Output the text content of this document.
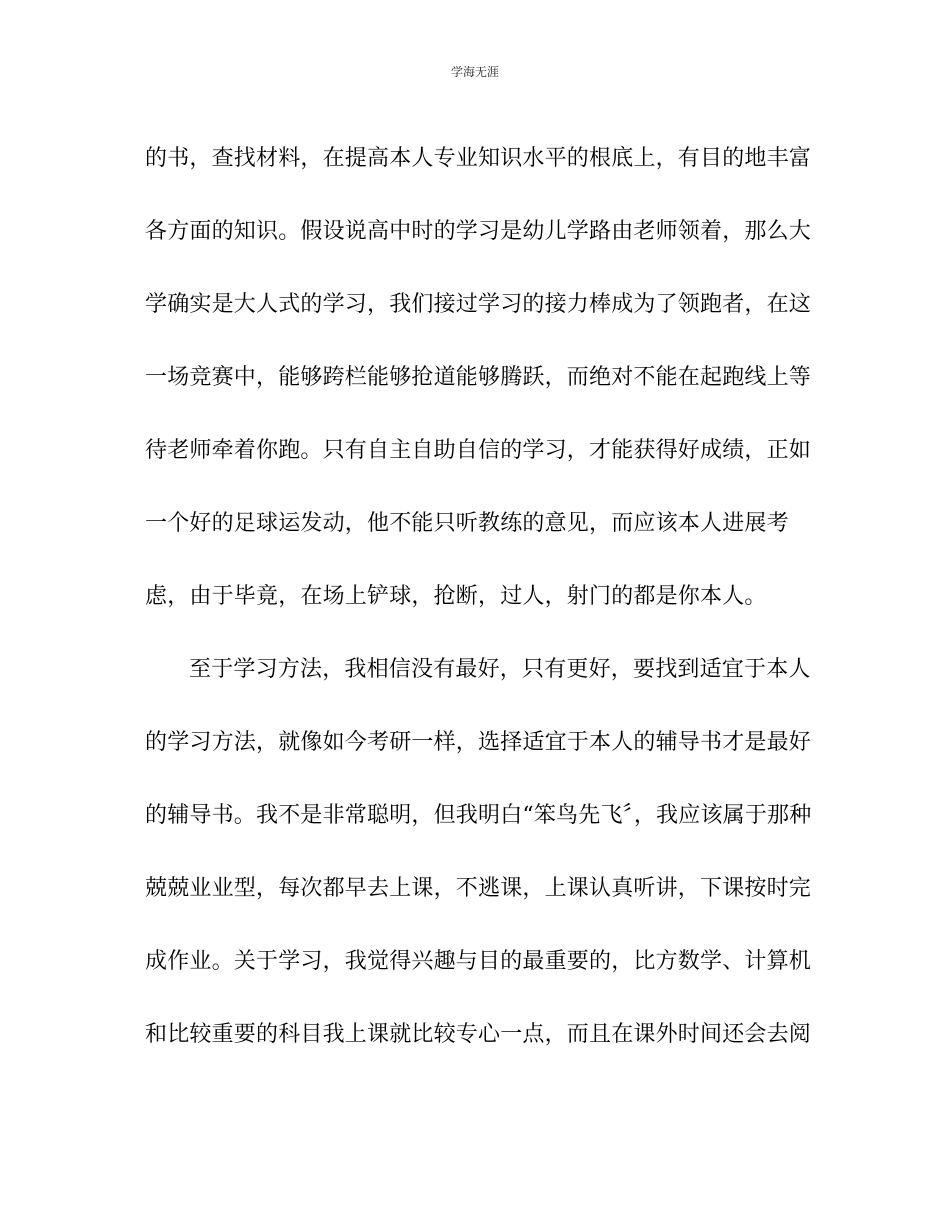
学海无涯
的书，查找材料，在提高本人专业知识水平的根底上，有目的地丰富
各方面的知识。假设说高中时的学习是幼儿学路由老师领着，那么大
学确实是大人式的学习，我们接过学习的接力棒成为了领跑者，在这
一场竞赛中，能够跨栏能够抢道能够腾跃，而绝对不能在起跑线上等
待老师牵着你跑。只有自主自助自信的学习，才能获得好成绩，正如
一个好的足球运发动，他不能只听教练的意见，而应该本人进展考
虑，由于毕竟，在场上铲球，抢断，过人，射门的都是你本人。
至于学习方法，我相信没有最好，只有更好，要找到适宜于本人
的学习方法，就像如今考研一样，选择适宜于本人的辅导书才是最好
的辅导书。我不是非常聪明，但我明白“笨鸟先飞〞，我应该属于那种
兢兢业业型，每次都早去上课，不逃课，上课认真听讲，下课按时完
成作业。关于学习，我觉得兴趣与目的最重要的，比方数学、计算机
和比较重要的科目我上课就比较专心一点，而且在课外时间还会去阅
